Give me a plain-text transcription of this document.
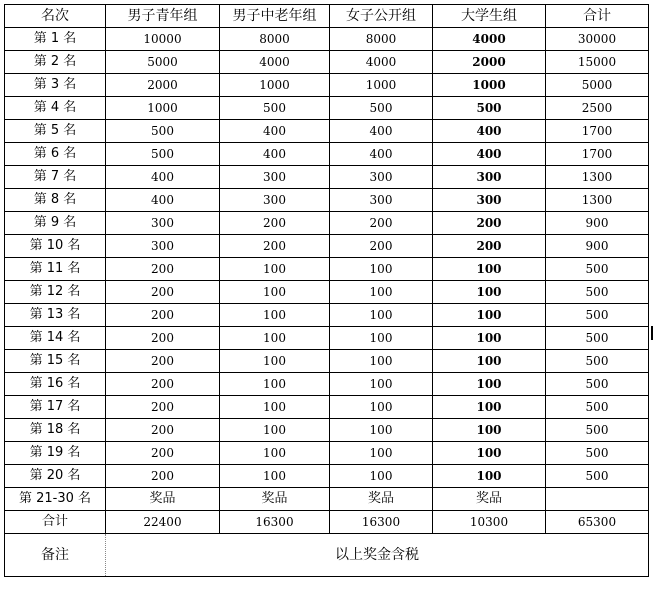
名次	男子青年组	男子中老年组	女子公开组	大学生组	合计
第 1 名	10000	8000	8000	4000	30000
第 2 名	5000	4000	4000	2000	15000
第 3 名	2000	1000	1000	1000	5000
第 4 名	1000	500	500	500	2500
第 5 名	500	400	400	400	1700
第 6 名	500	400	400	400	1700
第 7 名	400	300	300	300	1300
第 8 名	400	300	300	300	1300
第 9 名	300	200	200	200	900
第 10 名	300	200	200	200	900
第 11 名	200	100	100	100	500
第 12 名	200	100	100	100	500
第 13 名	200	100	100	100	500
第 14 名	200	100	100	100	500
第 15 名	200	100	100	100	500
第 16 名	200	100	100	100	500
第 17 名	200	100	100	100	500
第 18 名	200	100	100	100	500
第 19 名	200	100	100	100	500
第 20 名	200	100	100	100	500
第 21-30 名	奖品	奖品	奖品	奖品	
合计	22400	16300	16300	10300	65300
备注	以上奖金含税				
